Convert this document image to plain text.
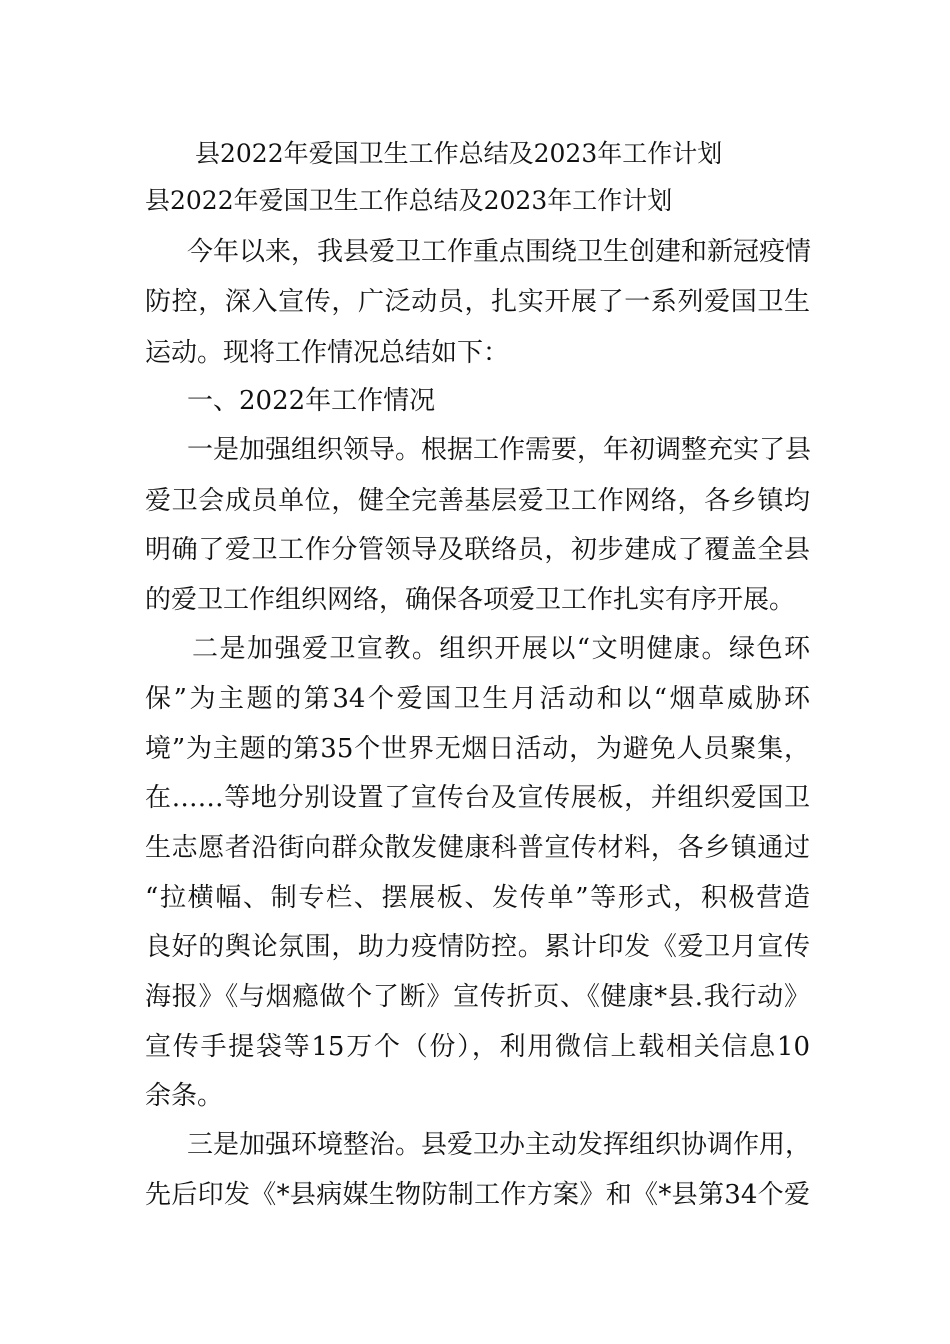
县2022年爱国卫生工作总结及2023年工作计划
县2022年爱国卫生工作总结及2023年工作计划
今年以来，我县爱卫工作重点围绕卫生创建和新冠疫情
防控，深入宣传，广泛动员，扎实开展了一系列爱国卫生
运动。现将工作情况总结如下：
一、2022年工作情况
一是加强组织领导。根据工作需要，年初调整充实了县
爱卫会成员单位，健全完善基层爱卫工作网络，各乡镇均
明确了爱卫工作分管领导及联络员，初步建成了覆盖全县
的爱卫工作组织网络，确保各项爱卫工作扎实有序开展。
二是加强爱卫宣教。组织开展以“文明健康。绿色环
保”为主题的第34个爱国卫生月活动和以“烟草威胁环
境”为主题的第35个世界无烟日活动，为避免人员聚集，
在……等地分别设置了宣传台及宣传展板，并组织爱国卫
生志愿者沿街向群众散发健康科普宣传材料，各乡镇通过
“拉横幅、制专栏、摆展板、发传单”等形式，积极营造
良好的舆论氛围，助力疫情防控。累计印发《爱卫月宣传
海报》《与烟瘾做个了断》宣传折页、《健康*县.我行动》
宣传手提袋等15万个（份），利用微信上载相关信息10
余条。
三是加强环境整治。县爱卫办主动发挥组织协调作用，
先后印发《*县病媒生物防制工作方案》和《*县第34个爱
